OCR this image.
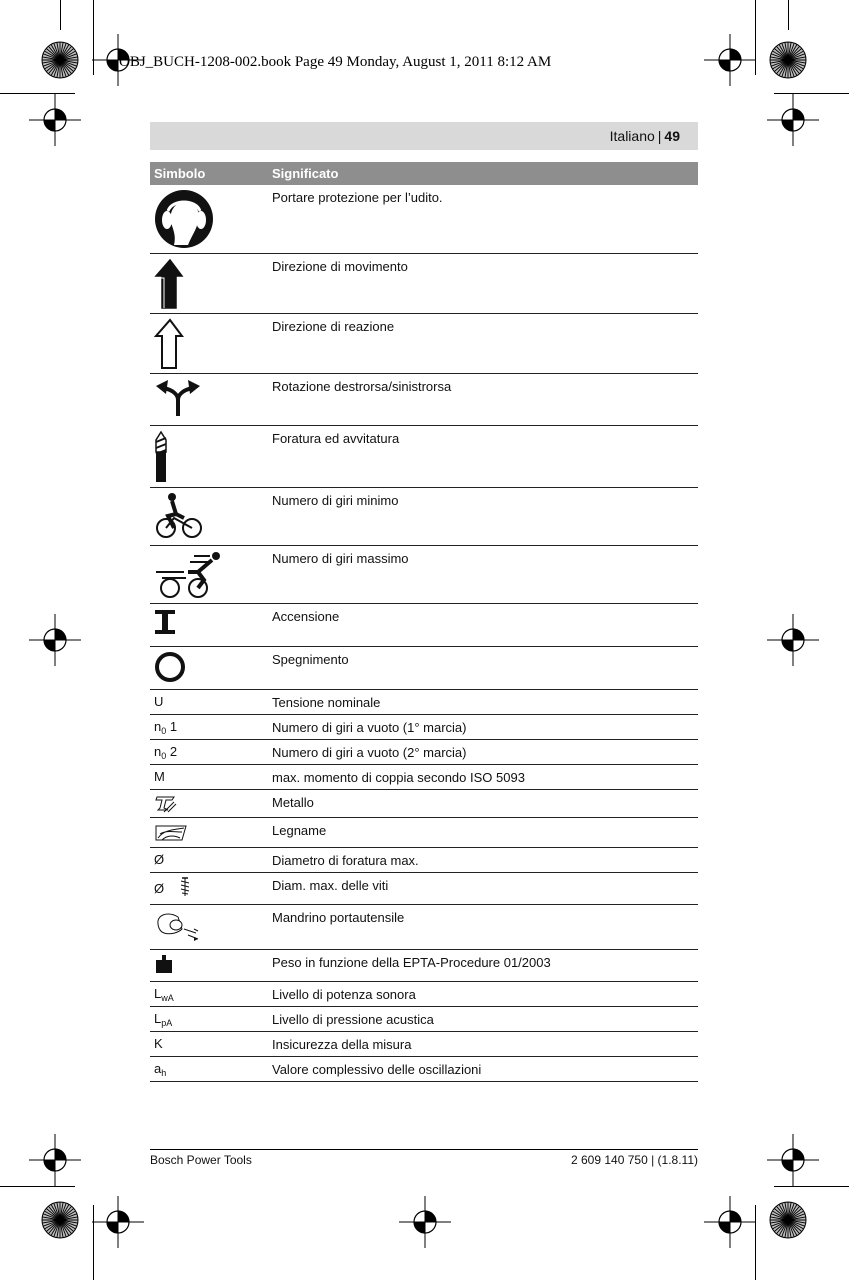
OBJ_BUCH-1208-002.book Page 49 Monday, August 1, 2011 8:12 AM
Italiano | 49
Simbolo	Significato

	Portare protezione per l’udito.

	Direzione di movimento

	Direzione di reazione

	Rotazione destrorsa/sinistrorsa

	Foratura ed avvitatura

	Numero di giri minimo

	Numero di giri massimo

	Accensione

	Spegnimento
U	Tensione nominale
$n_0$ 1	Numero di giri a vuoto (1° marcia)
$n_0$ 2	Numero di giri a vuoto (2° marcia)
M	max. momento di coppia secondo ISO 5093

	Metallo

	Legname
Ø	Diametro di foratura max.
Ø	Diam. max. delle viti

	Mandrino portautensile

	Peso in funzione della EPTA-Procedure 01/2003
$L_{wA}$	Livello di potenza sonora
$L_{pA}$	Livello di pressione acustica
K	Insicurezza della misura
$a_h$	Valore complessivo delle oscillazioni
Bosch Power Tools	2 609 140 750 | (1.8.11)
